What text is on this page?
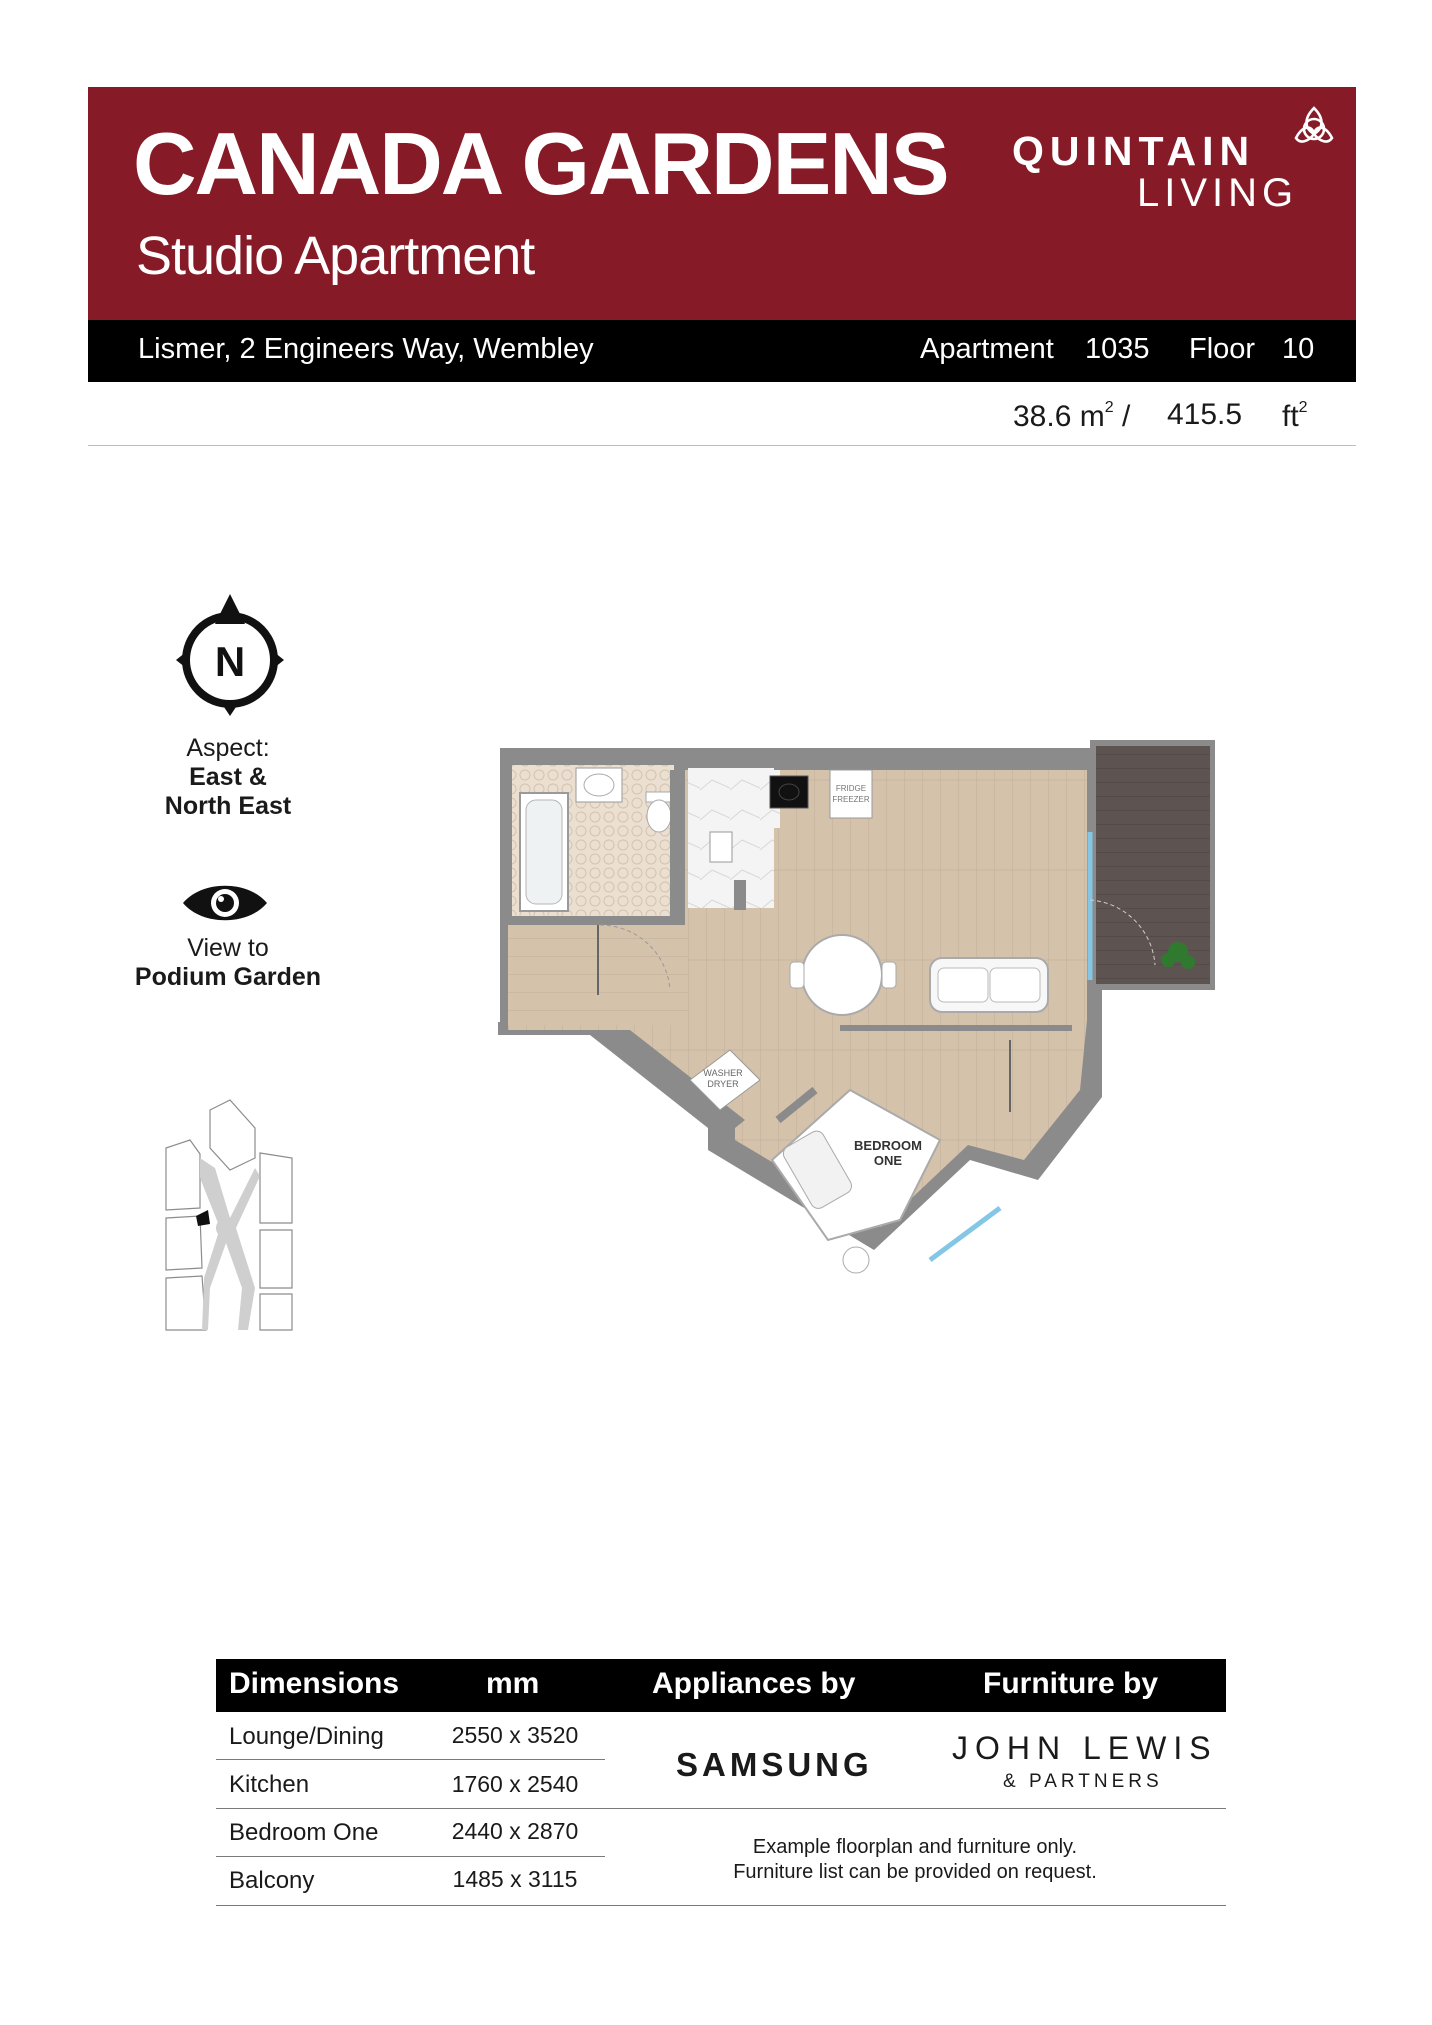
CANADA GARDENS
Studio Apartment
QUINTAIN
LIVING
Lismer, 2 Engineers Way, Wembley	Apartment 1035 Floor 10
38.6 $m^2 / 415.5$ $ft^2$
N
Aspect:
East &
North East
View to
Podium Garden
FRIDGE
FREEZER
WASHER
DRYER
BEDROOM
ONE
Dimensions	mm	Appliances by	Furniture by
Lounge/Dining	2550 x 3520
Kitchen	1760 x 2540
Bedroom One	2440 x 2870
Balcony	1485 x 3115
SAMSUNG JOHN LEWIS
& PARTNERS
Example floorplan and furniture only.
Furniture list can be provided on request.
